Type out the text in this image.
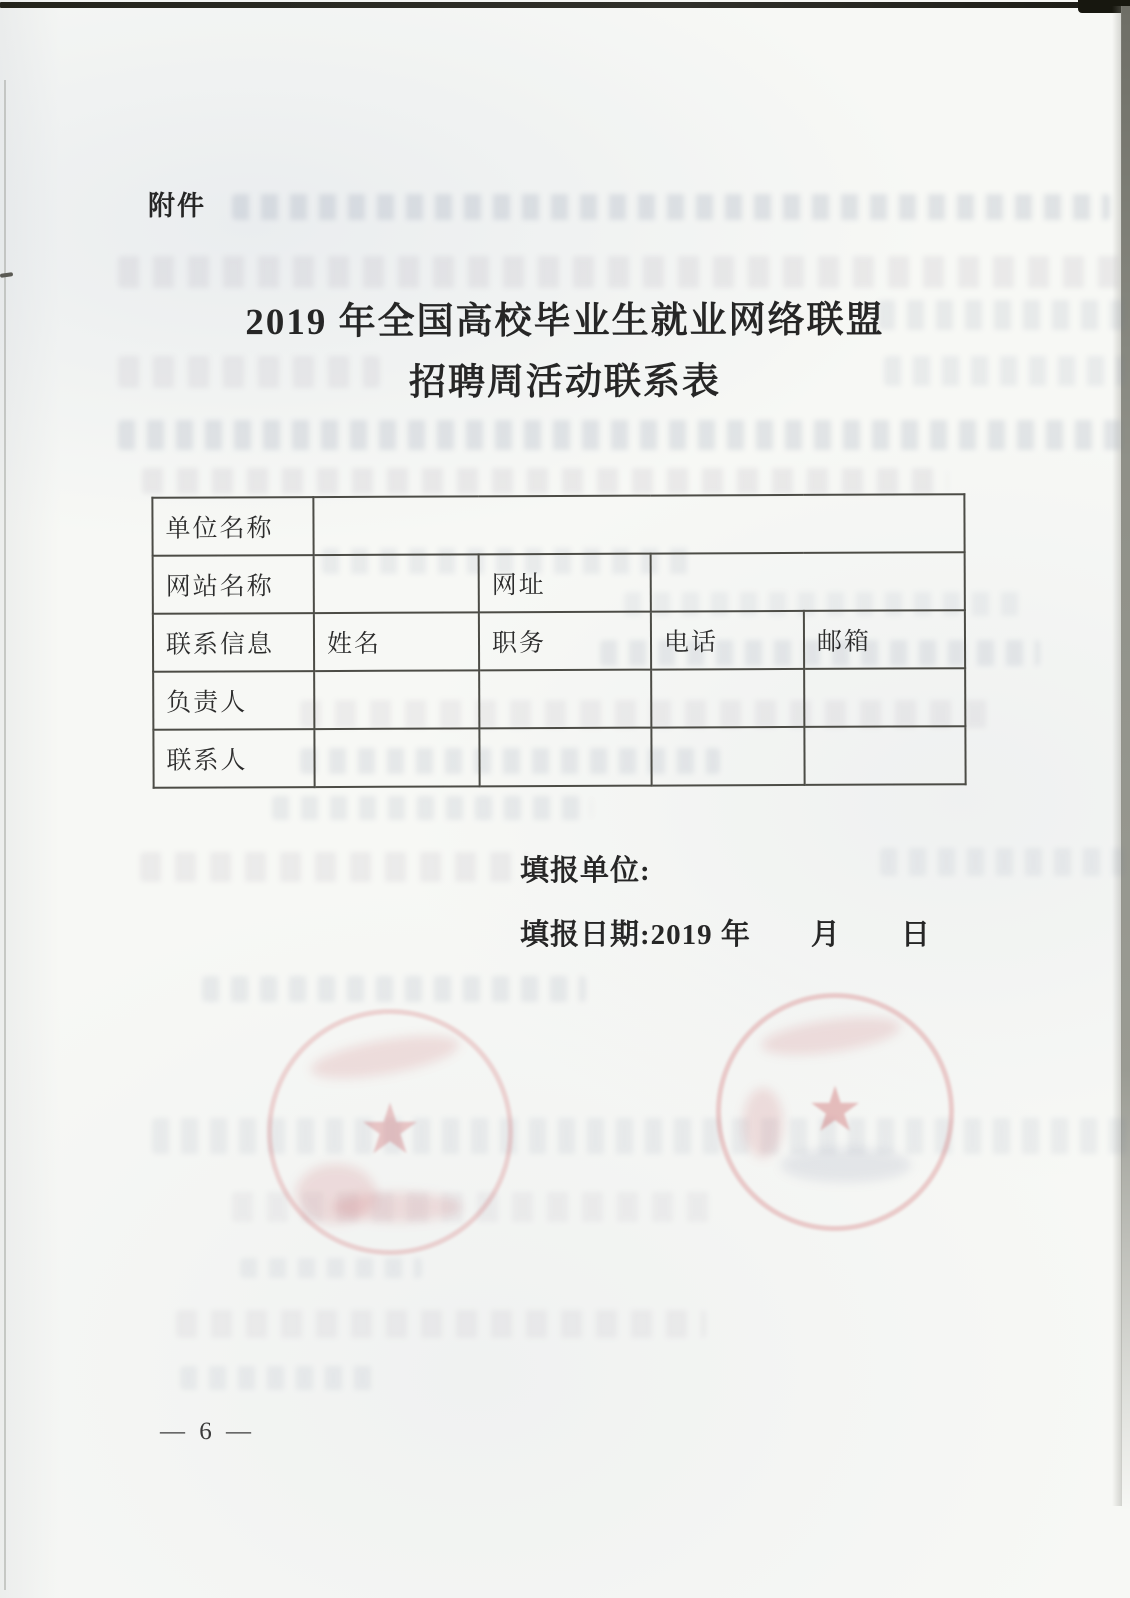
附件
2019 年全国高校毕业生就业网络联盟
招聘周活动联系表
单位名称				
网站名称		网址		
联系信息	姓名	职务	电话	邮箱
负责人				
联系人				
填报单位:
填报日期:2019 年　　月　　日
— 6 —
★	★
